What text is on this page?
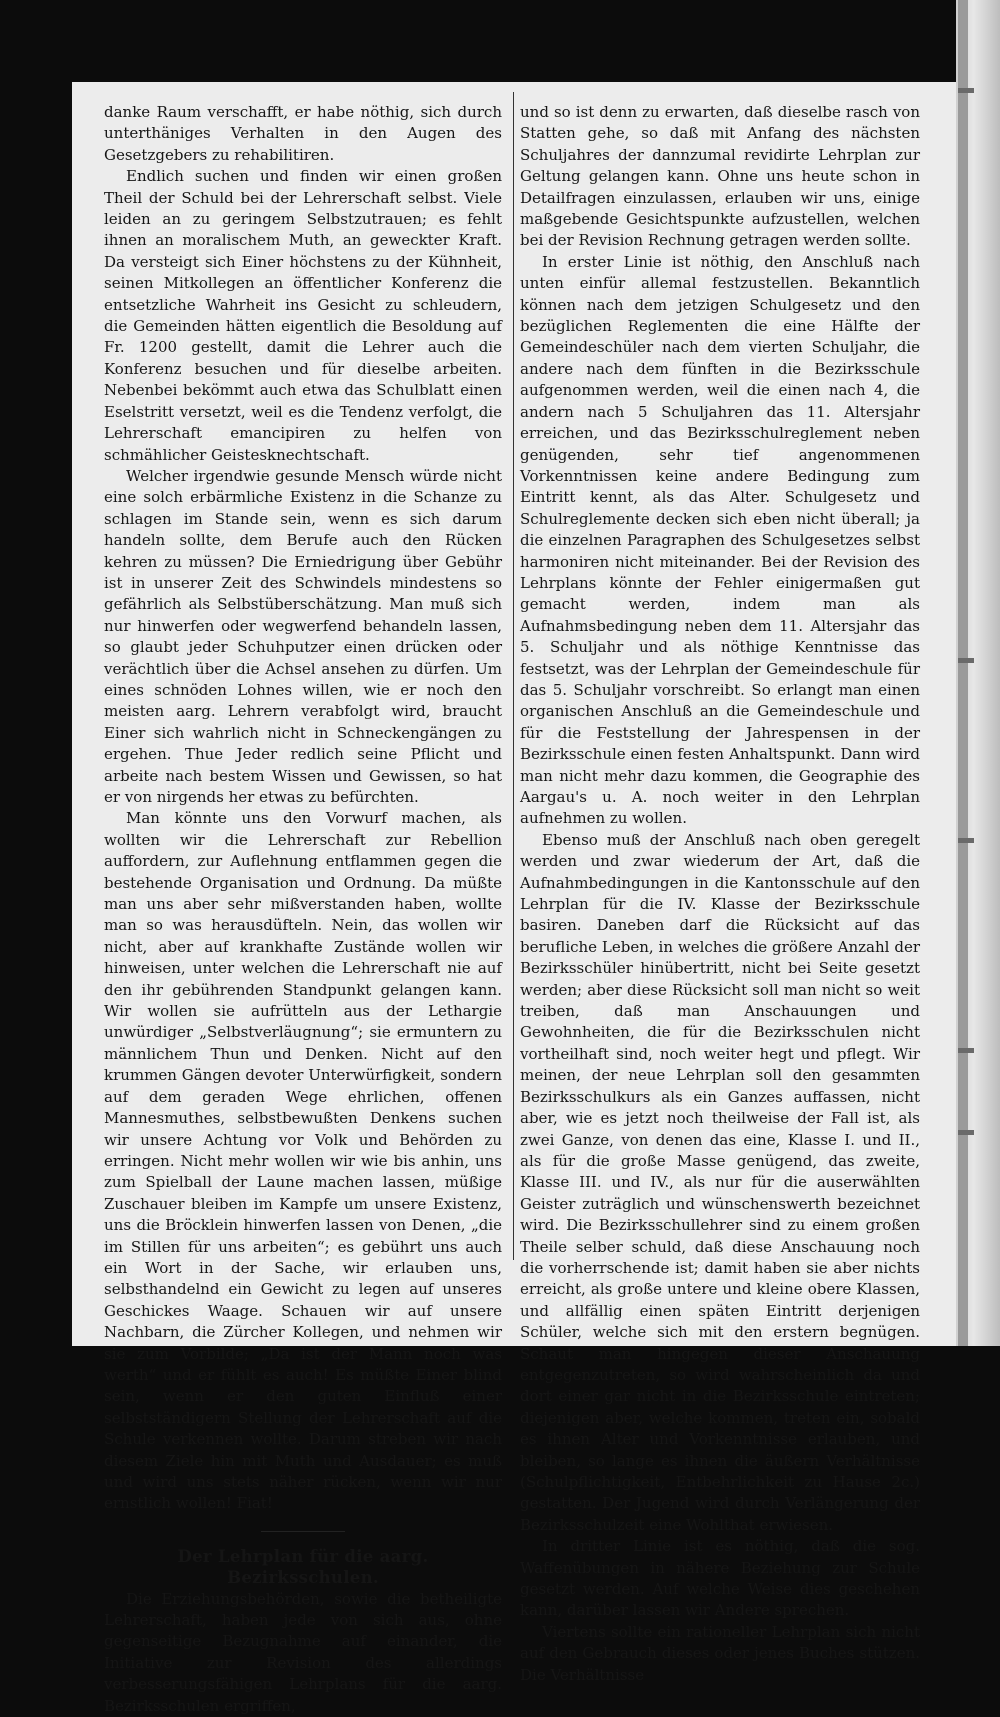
danke Raum verschafft, er habe nöthig, sich durch unterthäniges Verhalten in den Augen des Gesetzgebers zu rehabilitiren.

Endlich suchen und finden wir einen großen Theil der Schuld bei der Lehrerschaft selbst. Viele leiden an zu geringem Selbstzutrauen; es fehlt ihnen an moralischem Muth, an geweckter Kraft. Da versteigt sich Einer höchstens zu der Kühnheit, seinen Mitkollegen an öffentlicher Konferenz die entsetzliche Wahrheit ins Gesicht zu schleudern, die Gemeinden hätten eigentlich die Besoldung auf Fr. 1200 gestellt, damit die Lehrer auch die Konferenz besuchen und für dieselbe arbeiten. Nebenbei bekömmt auch etwa das Schulblatt einen Eselstritt versetzt, weil es die Tendenz verfolgt, die Lehrerschaft emancipiren zu helfen von schmählicher Geistesknechtschaft.

Welcher irgendwie gesunde Mensch würde nicht eine solch erbärmliche Existenz in die Schanze zu schlagen im Stande sein, wenn es sich darum handeln sollte, dem Berufe auch den Rücken kehren zu müssen? Die Erniedrigung über Gebühr ist in unserer Zeit des Schwindels mindestens so gefährlich als Selbstüberschätzung. Man muß sich nur hinwerfen oder wegwerfend behandeln lassen, so glaubt jeder Schuhputzer einen drücken oder verächtlich über die Achsel ansehen zu dürfen. Um eines schnöden Lohnes willen, wie er noch den meisten aarg. Lehrern verabfolgt wird, braucht Einer sich wahrlich nicht in Schneckengängen zu ergehen. Thue Jeder redlich seine Pflicht und arbeite nach bestem Wissen und Gewissen, so hat er von nirgends her etwas zu befürchten.

Man könnte uns den Vorwurf machen, als wollten wir die Lehrerschaft zur Rebellion auffordern, zur Auflehnung entflammen gegen die bestehende Organisation und Ordnung. Da müßte man uns aber sehr mißverstanden haben, wollte man so was herausdüfteln. Nein, das wollen wir nicht, aber auf krankhafte Zustände wollen wir hinweisen, unter welchen die Lehrerschaft nie auf den ihr gebührenden Standpunkt gelangen kann. Wir wollen sie aufrütteln aus der Lethargie unwürdiger „Selbstverläugnung“; sie ermuntern zu männlichem Thun und Denken. Nicht auf den krummen Gängen devoter Unterwürfigkeit, sondern auf dem geraden Wege ehrlichen, offenen Mannesmuthes, selbstbewußten Denkens suchen wir unsere Achtung vor Volk und Behörden zu erringen. Nicht mehr wollen wir wie bis anhin, uns zum Spielball der Laune machen lassen, müßige Zuschauer bleiben im Kampfe um unsere Existenz, uns die Bröcklein hinwerfen lassen von Denen, „die im Stillen für uns arbeiten“; es gebührt uns auch ein Wort in der Sache, wir erlauben uns, selbsthandelnd ein Gewicht zu legen auf unseres Geschickes Waage. Schauen wir auf unsere Nachbarn, die Zürcher Kollegen, und nehmen wir sie zum Vorbilde; „Da ist der Mann noch was werth“ und er fühlt es auch! Es müßte Einer blind sein, wenn er den guten Einfluß einer selbstständigern Stellung der Lehrerschaft auf die Schule verkennen wollte. Darum streben wir nach diesem Ziele hin mit Muth und Ausdauer; es muß und wird uns stets näher rücken, wenn wir nur ernstlich wollen! Fiat!

Der Lehrplan für die aarg. Bezirksschulen.

Die Erziehungsbehörden, sowie die betheiligte Lehrerschaft, haben jede von sich aus, ohne gegenseitige Bezugnahme auf einander, die Initiative zur Revision des allerdings verbesserungsfähigen Lehrplans für die aarg. Bezirksschulen ergriffen,

und so ist denn zu erwarten, daß dieselbe rasch von Statten gehe, so daß mit Anfang des nächsten Schuljahres der dannzumal revidirte Lehrplan zur Geltung gelangen kann. Ohne uns heute schon in Detailfragen einzulassen, erlauben wir uns, einige maßgebende Gesichtspunkte aufzustellen, welchen bei der Revision Rechnung getragen werden sollte.

In erster Linie ist nöthig, den Anschluß nach unten einfür allemal festzustellen. Bekanntlich können nach dem jetzigen Schulgesetz und den bezüglichen Reglementen die eine Hälfte der Gemeindeschüler nach dem vierten Schuljahr, die andere nach dem fünften in die Bezirksschule aufgenommen werden, weil die einen nach 4, die andern nach 5 Schuljahren das 11. Altersjahr erreichen, und das Bezirksschulreglement neben genügenden, sehr tief angenommenen Vorkenntnissen keine andere Bedingung zum Eintritt kennt, als das Alter. Schulgesetz und Schulreglemente decken sich eben nicht überall; ja die einzelnen Paragraphen des Schulgesetzes selbst harmoniren nicht miteinander. Bei der Revision des Lehrplans könnte der Fehler einigermaßen gut gemacht werden, indem man als Aufnahmsbedingung neben dem 11. Altersjahr das 5. Schuljahr und als nöthige Kenntnisse das festsetzt, was der Lehrplan der Gemeindeschule für das 5. Schuljahr vorschreibt. So erlangt man einen organischen Anschluß an die Gemeindeschule und für die Feststellung der Jahrespensen in der Bezirksschule einen festen Anhaltspunkt. Dann wird man nicht mehr dazu kommen, die Geographie des Aargau's u. A. noch weiter in den Lehrplan aufnehmen zu wollen.

Ebenso muß der Anschluß nach oben geregelt werden und zwar wiederum der Art, daß die Aufnahmbedingungen in die Kantonsschule auf den Lehrplan für die IV. Klasse der Bezirksschule basiren. Daneben darf die Rücksicht auf das berufliche Leben, in welches die größere Anzahl der Bezirksschüler hinübertritt, nicht bei Seite gesetzt werden; aber diese Rücksicht soll man nicht so weit treiben, daß man Anschauungen und Gewohnheiten, die für die Bezirksschulen nicht vortheilhaft sind, noch weiter hegt und pflegt. Wir meinen, der neue Lehrplan soll den gesammten Bezirksschulkurs als ein Ganzes auffassen, nicht aber, wie es jetzt noch theilweise der Fall ist, als zwei Ganze, von denen das eine, Klasse I. und II., als für die große Masse genügend, das zweite, Klasse III. und IV., als nur für die auserwählten Geister zuträglich und wünschenswerth bezeichnet wird. Die Bezirksschullehrer sind zu einem großen Theile selber schuld, daß diese Anschauung noch die vorherrschende ist; damit haben sie aber nichts erreicht, als große untere und kleine obere Klassen, und allfällig einen späten Eintritt derjenigen Schüler, welche sich mit den erstern begnügen. Schaut man hingegen dieser Anschauung entgegenzutreten, so wird wahrscheinlich da und dort einer gar nicht in die Bezirksschule eintreten; diejenigen aber, welche kommen, treten ein, sobald es ihnen Alter und Vorkenntnisse erlauben, und bleiben, so lange es ihnen die äußern Verhältnisse (Schulpflichtigkeit, Entbehrlichkeit zu Hause 2c.) gestatten. Der Jugend wird durch Verlängerung der Bezirksschulzeit eine Wohlthat erwiesen.

In dritter Linie ist es nöthig, daß die sog. Waffenübungen in nähere Beziehung zur Schule gesetzt werden. Auf welche Weise dies geschehen kann, darüber lassen wir Andere sprechen.

Viertens sollte ein rationeller Lehrplan sich nicht auf den Gebrauch dieses oder jenes Buches stützen. Die Verhältnisse
